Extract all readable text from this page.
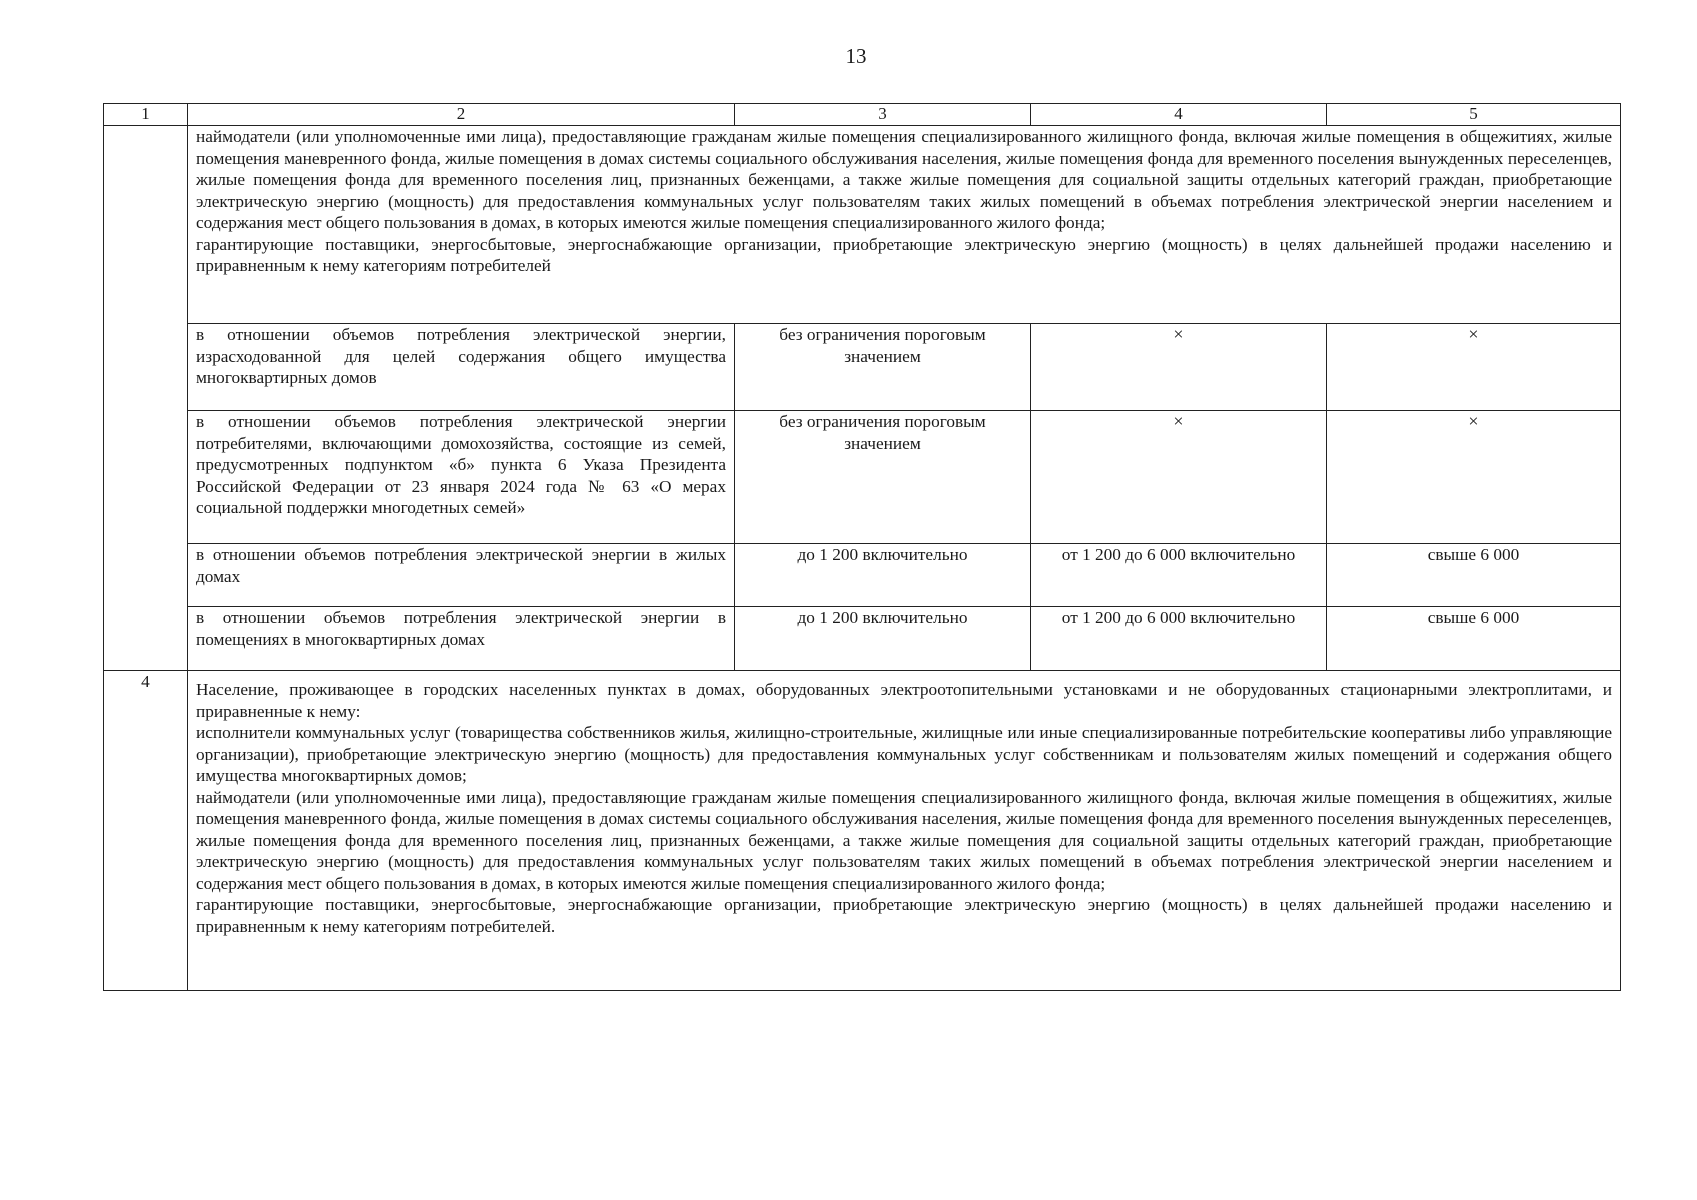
13
1	2	3	4	5

	наймодатели (или уполномоченные ими лица), предоставляющие гражданам жилые помещения специализированного жилищного фонда, включая жилые помещения в общежитиях, жилые помещения маневренного фонда, жилые помещения в домах системы социального обслуживания населения, жилые помещения фонда для временного поселения вынужденных переселенцев, жилые помещения фонда для временного поселения лиц, признанных беженцами, а также жилые помещения для социальной защиты отдельных категорий граждан, приобретающие электрическую энергию (мощность) для предоставления коммунальных услуг пользователям таких жилых помещений в объемах потребления электрической энергии населением и содержания мест общего пользования в домах, в которых имеются жилые помещения специализированного жилого фонда;

гарантирующие поставщики, энергосбытовые, энергоснабжающие организации, приобретающие электрическую энергию (мощность) в целях дальнейшей продажи населению и приравненным к нему категориям потребителей			

	в отношении объемов потребления электрической энергии, израсходованной для целей содержания общего имущества многоквартирных домов	без ограничения пороговым значением	×	×
	в отношении объемов потребления электрической энергии потребителями, включающими домохозяйства, состоящие из семей, предусмотренных подпунктом «б» пункта 6 Указа Президента Российской Федерации от 23 января 2024 года № 63 «О мерах социальной поддержки многодетных семей»	без ограничения пороговым значением	×	×
	в отношении объемов потребления электрической энергии в жилых домах	до 1 200 включительно	от 1 200 до 6 000 включительно	свыше 6 000
	в отношении объемов потребления электрической энергии в помещениях в многоквартирных домах	до 1 200 включительно	от 1 200 до 6 000 включительно	свыше 6 000
4	Население, проживающее в городских населенных пунктах в домах, оборудованных электроотопительными установками и не оборудованных стационарными электроплитами, и приравненные к нему:

исполнители коммунальных услуг (товарищества собственников жилья, жилищно-строительные, жилищные или иные специализированные потребительские кооперативы либо управляющие организации), приобретающие электрическую энергию (мощность) для предоставления коммунальных услуг собственникам и пользователям жилых помещений и содержания общего имущества многоквартирных домов;

наймодатели (или уполномоченные ими лица), предоставляющие гражданам жилые помещения специализированного жилищного фонда, включая жилые помещения в общежитиях, жилые помещения маневренного фонда, жилые помещения в домах системы социального обслуживания населения, жилые помещения фонда для временного поселения вынужденных переселенцев, жилые помещения фонда для временного поселения лиц, признанных беженцами, а также жилые помещения для социальной защиты отдельных категорий граждан, приобретающие электрическую энергию (мощность) для предоставления коммунальных услуг пользователям таких жилых помещений в объемах потребления электрической энергии населением и содержания мест общего пользования в домах, в которых имеются жилые помещения специализированного жилого фонда;

гарантирующие поставщики, энергосбытовые, энергоснабжающие организации, приобретающие электрическую энергию (мощность) в целях дальнейшей продажи населению и приравненным к нему категориям потребителей.			
